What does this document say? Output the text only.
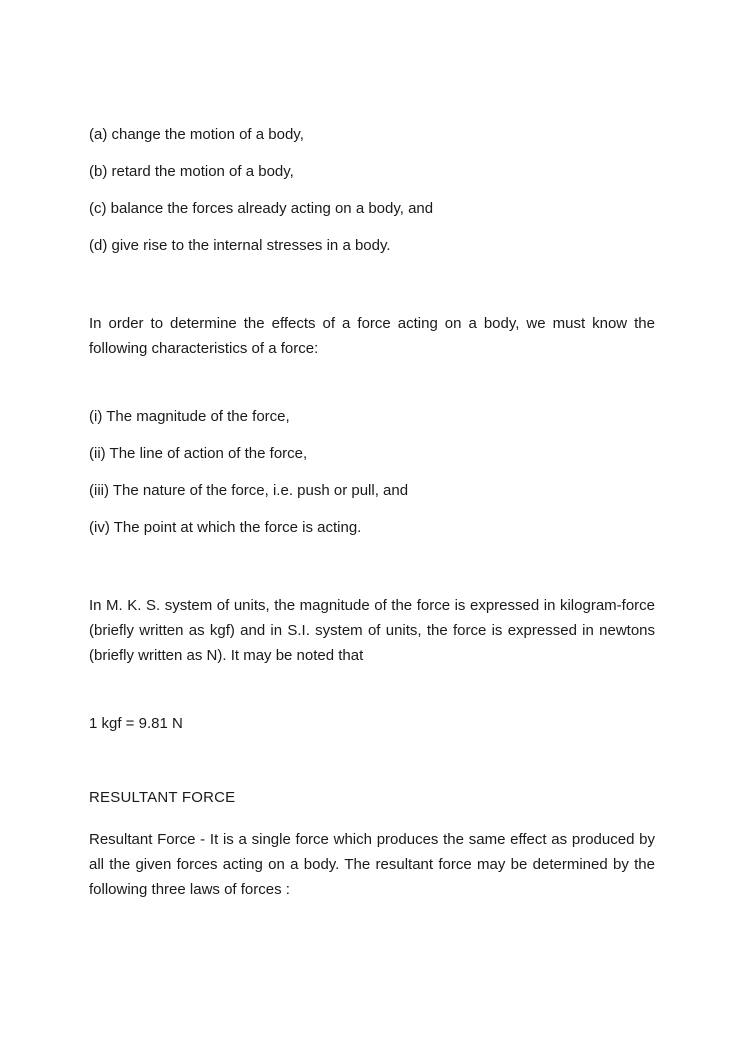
(a) change the motion of a body,

(b) retard the motion of a body,

(c) balance the forces already acting on a body, and

(d) give rise to the internal stresses in a body.

In order to determine the effects of a force acting on a body, we must know the following characteristics of a force:

(i) The magnitude of the force,

(ii) The line of action of the force,

(iii) The nature of the force, i.e. push or pull, and

(iv) The point at which the force is acting.

In M. K. S. system of units, the magnitude of the force is expressed in kilogram-force (briefly written as kgf) and in S.I. system of units, the force is expressed in newtons (briefly written as N). It may be noted that

1 kgf = 9.81 N

RESULTANT FORCE

Resultant Force - It is a single force which produces the same effect as produced by all the given forces acting on a body. The resultant force may be determined by the following three laws of forces :
